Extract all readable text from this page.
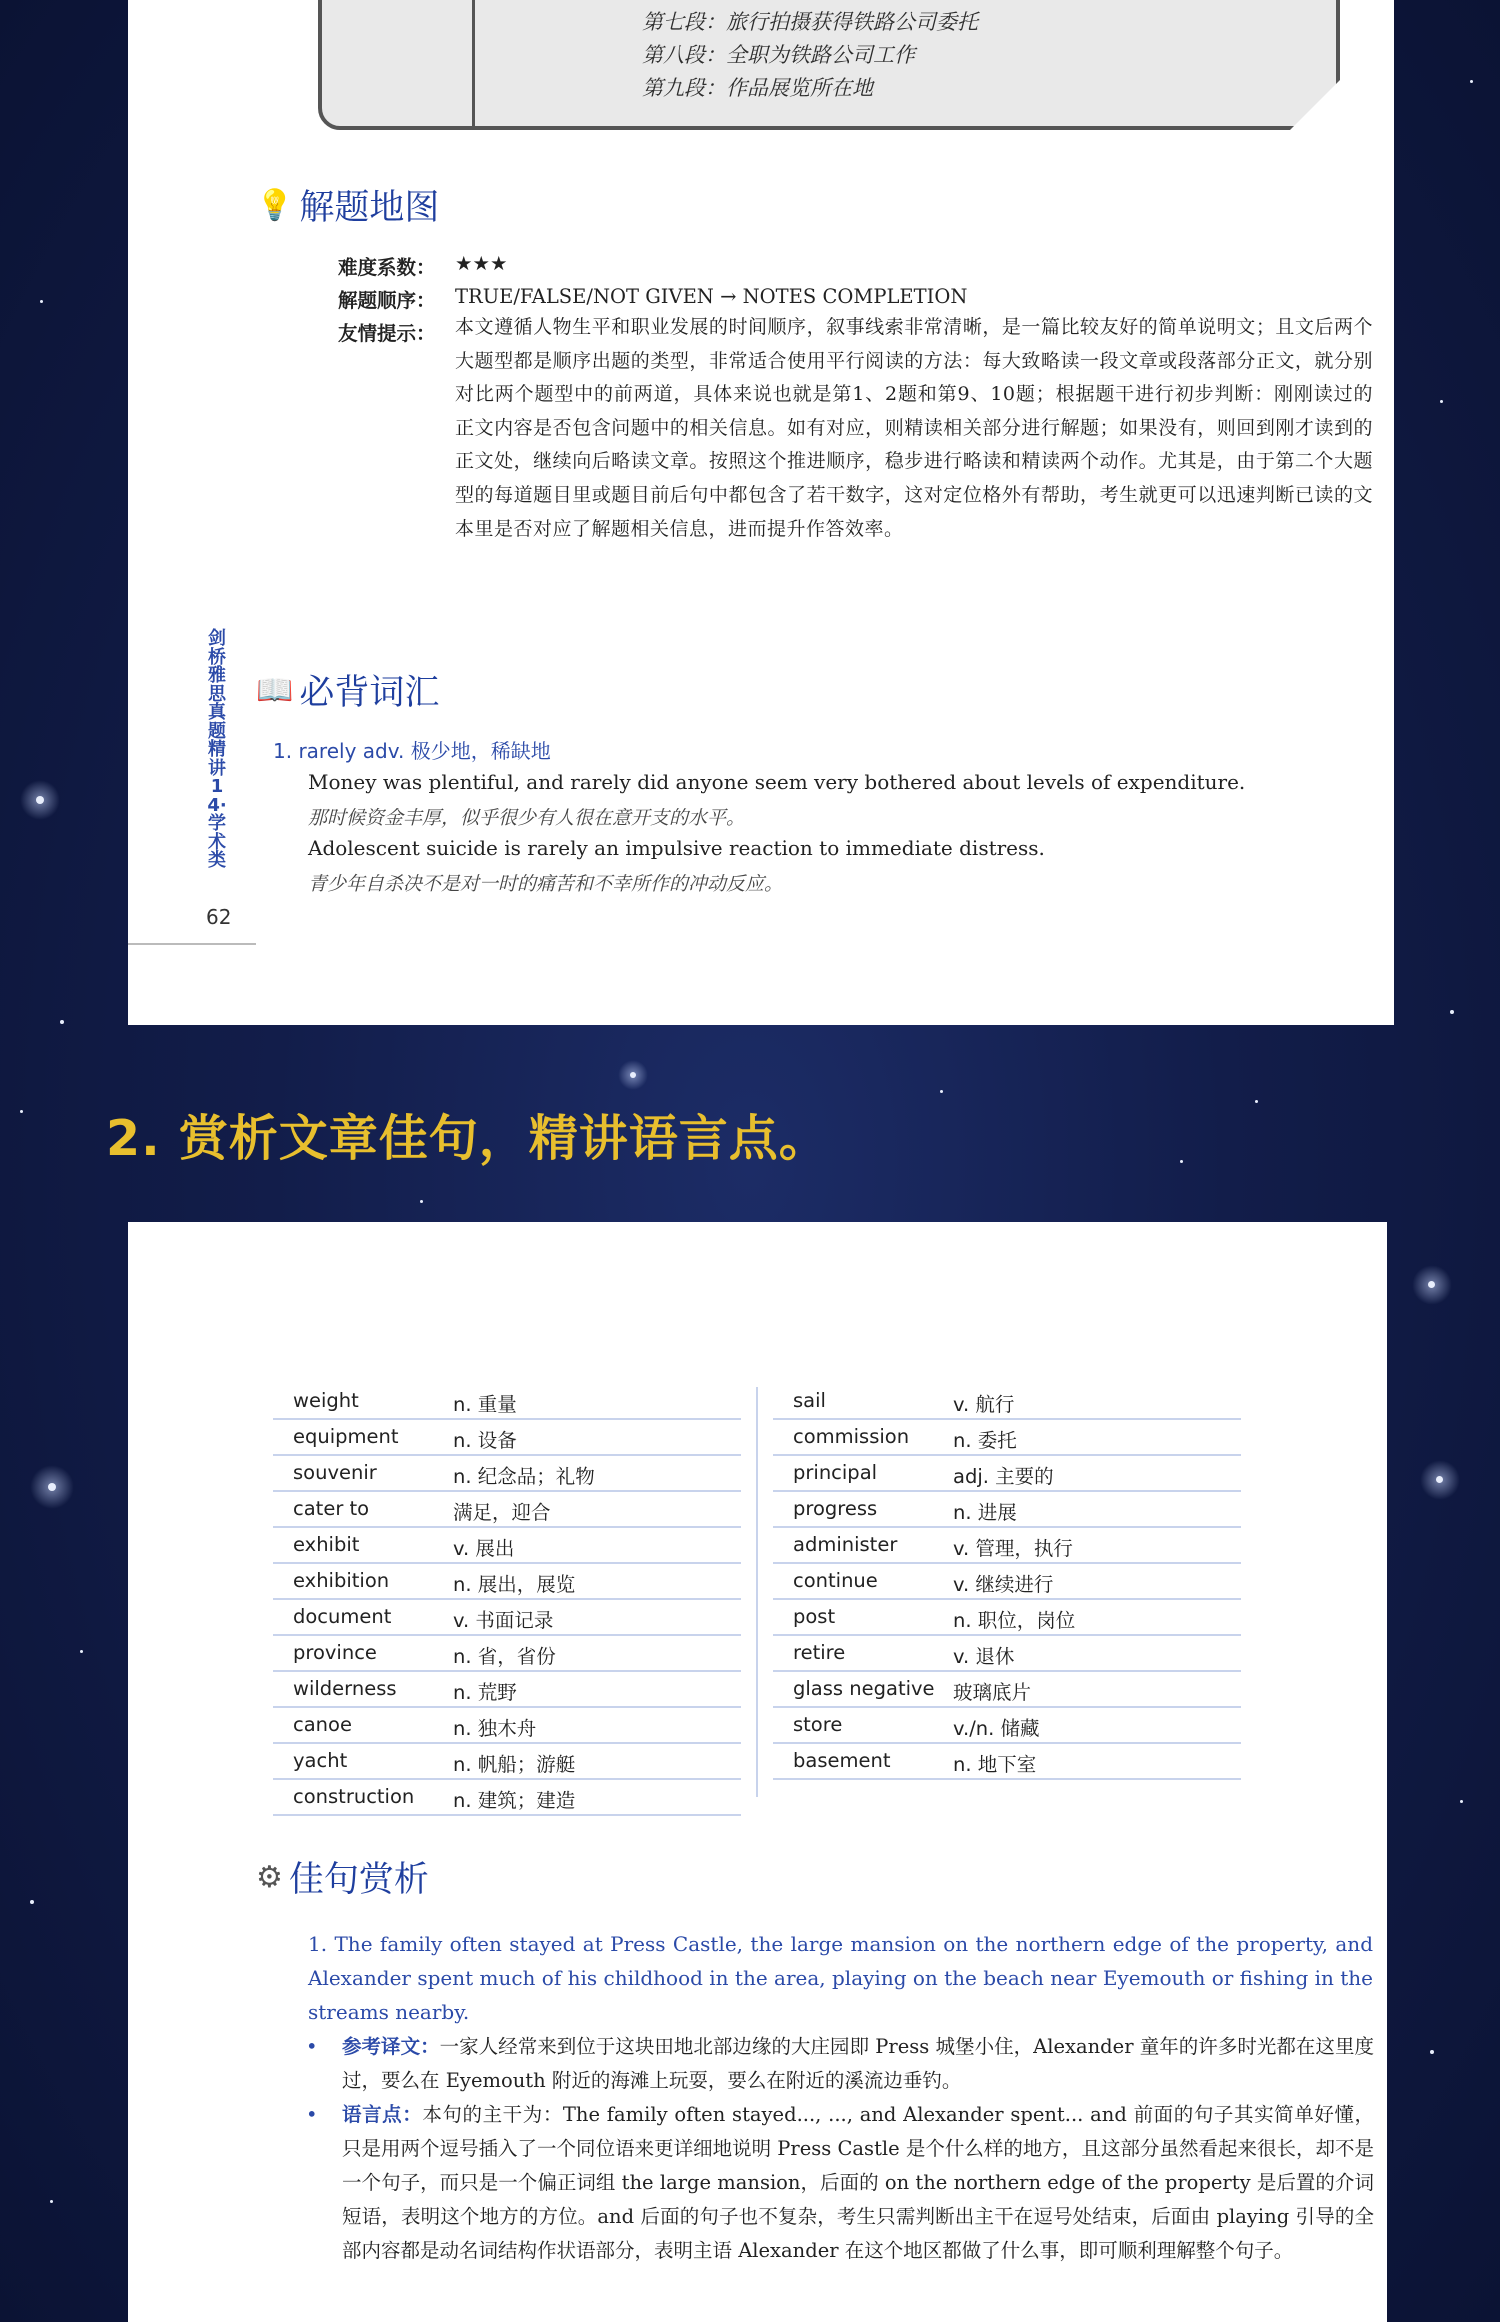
第七段：旅行拍摄获得铁路公司委托
第八段：全职为铁路公司工作
第九段：作品展览所在地
💡 解题地图
难度系数： ★★★
解题顺序： TRUE/FALSE/NOT GIVEN → NOTES COMPLETION
友情提示： 本文遵循人物生平和职业发展的时间顺序，叙事线索非常清晰，是一篇比较友好的简单说明文；且文后两个大题型都是顺序出题的类型，非常适合使用平行阅读的方法：每大致略读一段文章或段落部分正文，就分别对比两个题型中的前两道，具体来说也就是第1、2题和第9、10题；根据题干进行初步判断：刚刚读过的正文内容是否包含问题中的相关信息。如有对应，则精读相关部分进行解题；如果没有，则回到刚才读到的正文处，继续向后略读文章。按照这个推进顺序，稳步进行略读和精读两个动作。尤其是，由于第二个大题型的每道题目里或题目前后句中都包含了若干数字，这对定位格外有帮助，考生就更可以迅速判断已读的文本里是否对应了解题相关信息，进而提升作答效率。
剑桥雅思真题精讲14·学术类
62
📖 必背词汇
1. rarely adv. 极少地，稀缺地
Money was plentiful, and rarely did anyone seem very bothered about levels of expenditure.
那时候资金丰厚，似乎很少有人很在意开支的水平。
Adolescent suicide is rarely an impulsive reaction to immediate distress.
青少年自杀决不是对一时的痛苦和不幸所作的冲动反应。
2. 赏析文章佳句，精讲语言点。
weight	n. 重量
equipment	n. 设备
souvenir	n. 纪念品；礼物
cater to	满足，迎合
exhibit	v. 展出
exhibition	n. 展出，展览
document	v. 书面记录
province	n. 省，省份
wilderness	n. 荒野
canoe	n. 独木舟
yacht	n. 帆船；游艇
construction n. 建筑；建造
sail	v. 航行
commission n. 委托
principal	adj. 主要的
progress	n. 进展
administer	v. 管理，执行
continue	v. 继续进行
post	n. 职位，岗位
retire	v. 退休
glass negative 玻璃底片
store	v./n. 储藏
basement	n. 地下室
⚙ 佳句赏析
1. The family often stayed at Press Castle, the large mansion on the northern edge of the property, and Alexander spent much of his childhood in the area, playing on the beach near Eyemouth or fishing in the streams nearby.
• 参考译文：一家人经常来到位于这块田地北部边缘的大庄园即 Press 城堡小住，Alexander 童年的许多时光都在这里度过，要么在 Eyemouth 附近的海滩上玩耍，要么在附近的溪流边垂钓。
• 语言点：本句的主干为：The family often stayed..., ..., and Alexander spent... and 前面的句子其实简单好懂，只是用两个逗号插入了一个同位语来更详细地说明 Press Castle 是个什么样的地方，且这部分虽然看起来很长，却不是一个句子，而只是一个偏正词组 the large mansion，后面的 on the northern edge of the property 是后置的介词短语，表明这个地方的方位。and 后面的句子也不复杂，考生只需判断出主干在逗号处结束，后面由 playing 引导的全部内容都是动名词结构作状语部分，表明主语 Alexander 在这个地区都做了什么事，即可顺利理解整个句子。
